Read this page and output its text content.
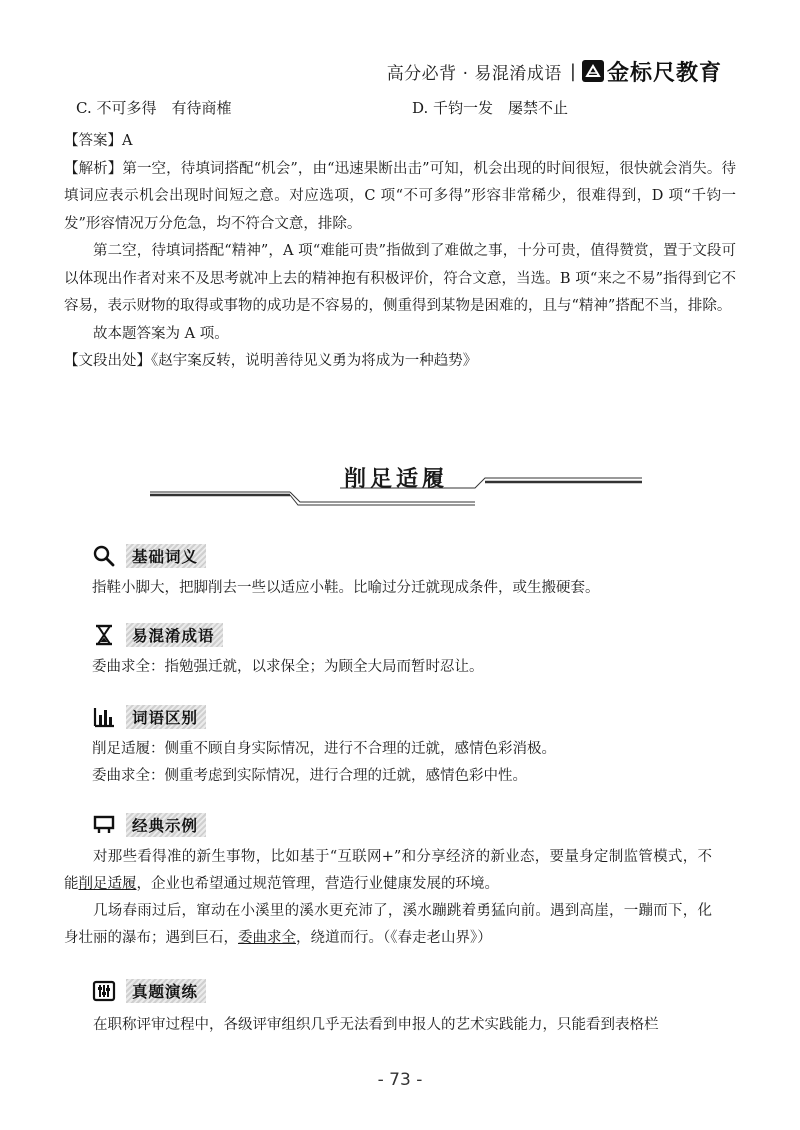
高分必背 · 易混淆成语 | 金标尺教育
C. 不可多得　有待商榷	D. 千钧一发　屡禁不止

【答案】A

【解析】第一空，待填词搭配“机会”，由“迅速果断出击”可知，机会出现的时间很短，很快就会消失。待填词应表示机会出现时间短之意。对应选项，C 项“不可多得”形容非常稀少，很难得到，D 项“千钧一发”形容情况万分危急，均不符合文意，排除。

第二空，待填词搭配“精神”，A 项“难能可贵”指做到了难做之事，十分可贵，值得赞赏，置于文段可以体现出作者对来不及思考就冲上去的精神抱有积极评价，符合文意，当选。B 项“来之不易”指得到它不容易，表示财物的取得或事物的成功是不容易的，侧重得到某物是困难的，且与“精神”搭配不当，排除。

故本题答案为 A 项。

【文段出处】《赵宇案反转，说明善待见义勇为将成为一种趋势》

削足适履
基础词义
指鞋小脚大，把脚削去一些以适应小鞋。比喻过分迁就现成条件，或生搬硬套。
易混淆成语
委曲求全：指勉强迁就，以求保全；为顾全大局而暂时忍让。
词语区别
削足适履：侧重不顾自身实际情况，进行不合理的迁就，感情色彩消极。
委曲求全：侧重考虑到实际情况，进行合理的迁就，感情色彩中性。
经典示例

对那些看得准的新生事物，比如基于“互联网+”和分享经济的新业态，要量身定制监管模式，不能削足适履，企业也希望通过规范管理，营造行业健康发展的环境。

几场春雨过后，窜动在小溪里的溪水更充沛了，溪水蹦跳着勇猛向前。遇到高崖，一蹦而下，化身壮丽的瀑布；遇到巨石，委曲求全，绕道而行。（《春走老山界》）

真题演练
在职称评审过程中，各级评审组织几乎无法看到申报人的艺术实践能力，只能看到表格栏
- 73 -
